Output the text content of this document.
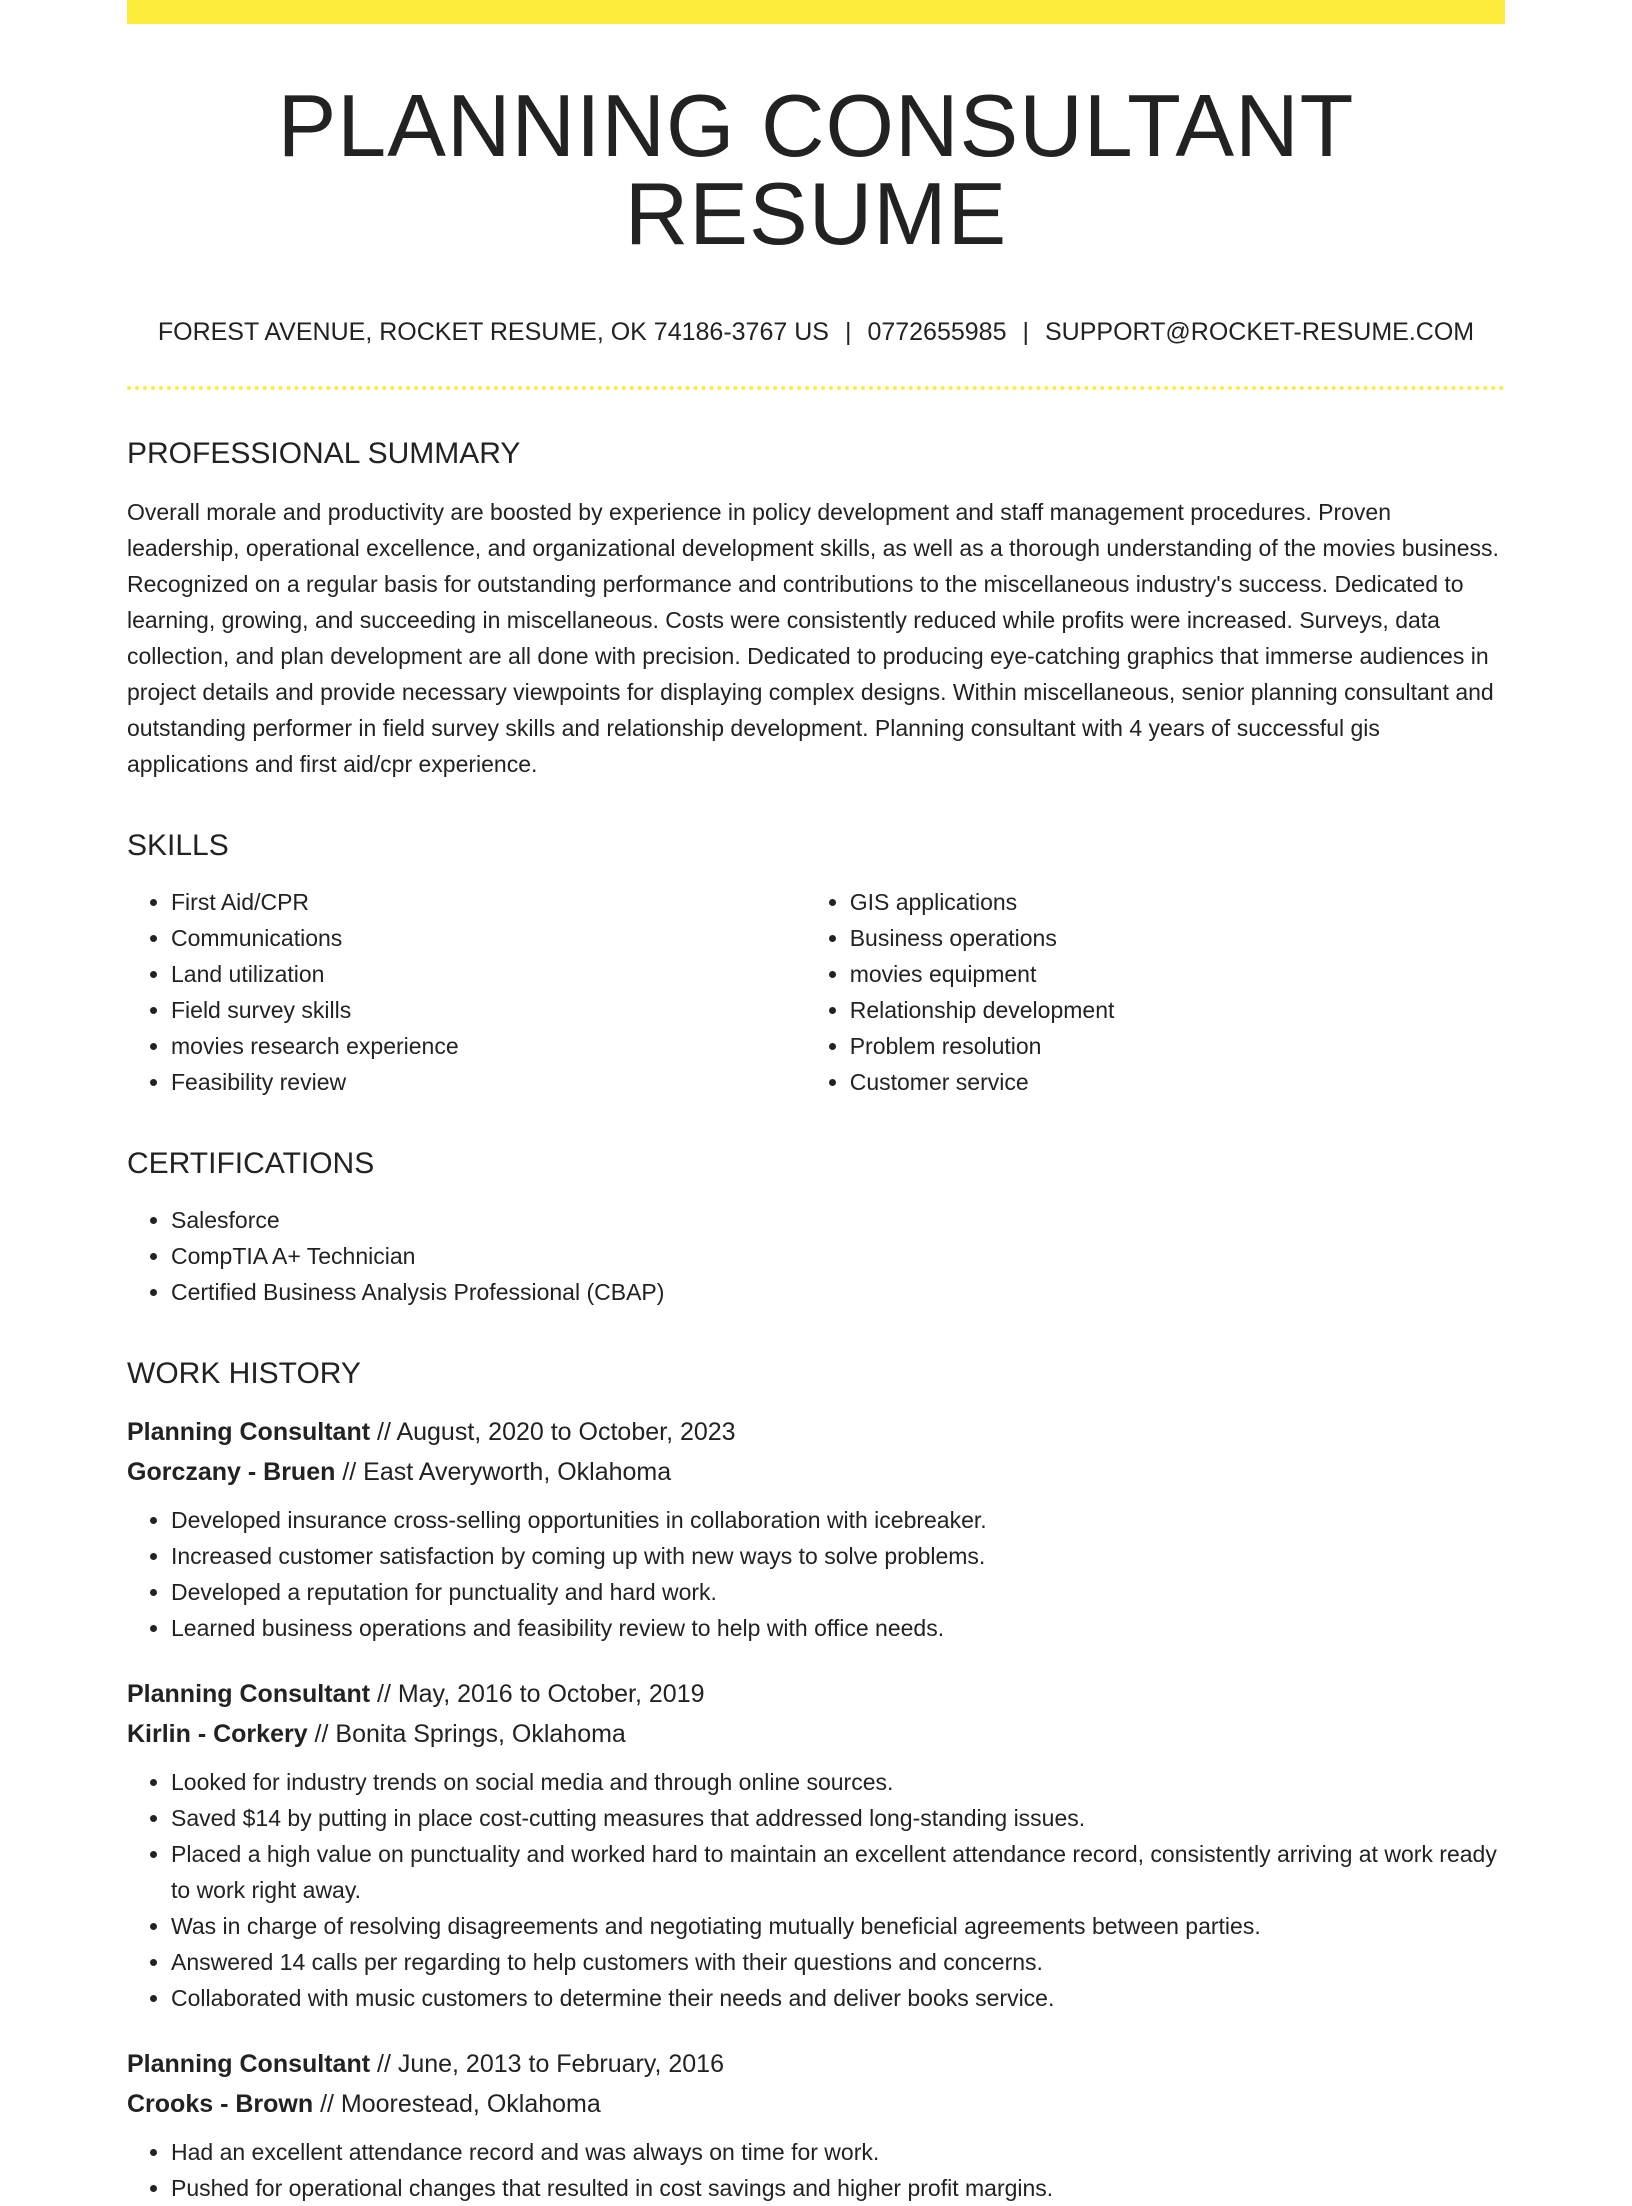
PLANNING CONSULTANT RESUME
FOREST AVENUE, ROCKET RESUME, OK 74186-3767 US | 0772655985 | SUPPORT@ROCKET-RESUME.COM
PROFESSIONAL SUMMARY

Overall morale and productivity are boosted by experience in policy development and staff management procedures. Proven leadership, operational excellence, and organizational development skills, as well as a thorough understanding of the movies business. Recognized on a regular basis for outstanding performance and contributions to the miscellaneous industry's success. Dedicated to learning, growing, and succeeding in miscellaneous. Costs were consistently reduced while profits were increased. Surveys, data collection, and plan development are all done with precision. Dedicated to producing eye-catching graphics that immerse audiences in project details and provide necessary viewpoints for displaying complex designs. Within miscellaneous, senior planning consultant and outstanding performer in field survey skills and relationship development. Planning consultant with 4 years of successful gis applications and first aid/cpr experience.

SKILLS
• First Aid/CPR
• Communications
• Land utilization
• Field survey skills
• movies research experience
• Feasibility review
• GIS applications
• Business operations
• movies equipment
• Relationship development
• Problem resolution
• Customer service
CERTIFICATIONS
• Salesforce
• CompTIA A+ Technician
• Certified Business Analysis Professional (CBAP)
WORK HISTORY
Planning Consultant // August, 2020 to October, 2023
Gorczany - Bruen // East Averyworth, Oklahoma
• Developed insurance cross-selling opportunities in collaboration with icebreaker.
• Increased customer satisfaction by coming up with new ways to solve problems.
• Developed a reputation for punctuality and hard work.
• Learned business operations and feasibility review to help with office needs.
Planning Consultant // May, 2016 to October, 2019
Kirlin - Corkery // Bonita Springs, Oklahoma
• Looked for industry trends on social media and through online sources.
• Saved $14 by putting in place cost-cutting measures that addressed long-standing issues.
• Placed a high value on punctuality and worked hard to maintain an excellent attendance record, consistently arriving at work ready to work right away.
• Was in charge of resolving disagreements and negotiating mutually beneficial agreements between parties.
• Answered 14 calls per regarding to help customers with their questions and concerns.
• Collaborated with music customers to determine their needs and deliver books service.
Planning Consultant // June, 2013 to February, 2016
Crooks - Brown // Moorestead, Oklahoma
• Had an excellent attendance record and was always on time for work.
• Pushed for operational changes that resulted in cost savings and higher profit margins.
